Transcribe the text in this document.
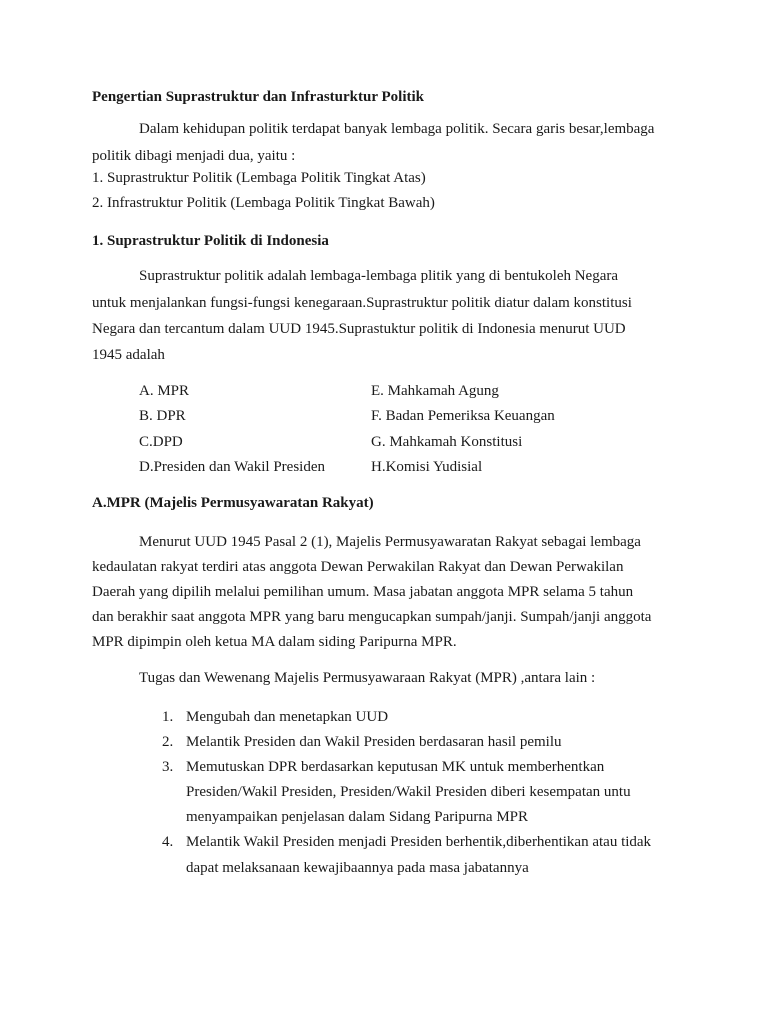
Pengertian Suprastruktur dan Infrasturktur Politik
Dalam kehidupan politik terdapat banyak lembaga politik. Secara garis besar,lembaga
politik dibagi menjadi dua, yaitu :
1. Suprastruktur Politik (Lembaga Politik Tingkat Atas)
2. Infrastruktur Politik (Lembaga Politik Tingkat Bawah)
1. Suprastruktur Politik di Indonesia
Suprastruktur politik adalah lembaga-lembaga plitik yang di bentukoleh Negara
untuk menjalankan fungsi-fungsi kenegaraan.Suprastruktur politik diatur dalam konstitusi
Negara dan tercantum dalam UUD 1945.Suprastuktur politik di Indonesia menurut UUD
1945 adalah
A. MPR	E. Mahkamah Agung
B. DPR	F. Badan Pemeriksa Keuangan
C.DPD	G. Mahkamah Konstitusi
D.Presiden dan Wakil Presiden	H.Komisi Yudisial
A.MPR (Majelis Permusyawaratan Rakyat)
Menurut UUD 1945 Pasal 2 (1), Majelis Permusyawaratan Rakyat sebagai lembaga
kedaulatan rakyat terdiri atas anggota Dewan Perwakilan Rakyat dan Dewan Perwakilan
Daerah yang dipilih melalui pemilihan umum. Masa jabatan anggota MPR selama 5 tahun
dan berakhir saat anggota MPR yang baru mengucapkan sumpah/janji. Sumpah/janji anggota
MPR dipimpin oleh ketua MA dalam siding Paripurna MPR.
Tugas dan Wewenang Majelis Permusyawaraan Rakyat (MPR) ,antara lain :
1. Mengubah dan menetapkan UUD
2. Melantik Presiden dan Wakil Presiden berdasaran hasil pemilu
3. Memutuskan DPR berdasarkan keputusan MK untuk memberhentkan
Presiden/Wakil Presiden, Presiden/Wakil Presiden diberi kesempatan untu
menyampaikan penjelasan dalam Sidang Paripurna MPR
4. Melantik Wakil Presiden menjadi Presiden berhentik,diberhentikan atau tidak
dapat melaksanaan kewajibaannya pada masa jabatannya
